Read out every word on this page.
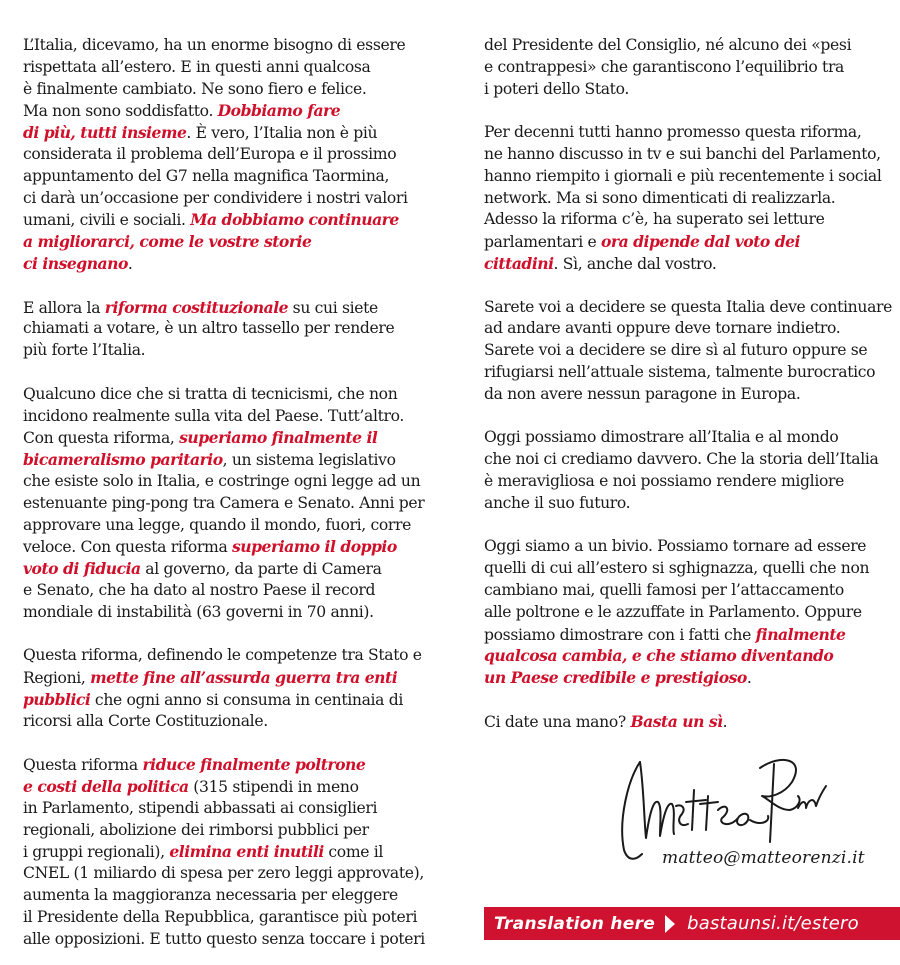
L’Italia, dicevamo, ha un enorme bisogno di essere
rispettata all’estero. E in questi anni qualcosa
è finalmente cambiato. Ne sono fiero e felice.
Ma non sono soddisfatto. Dobbiamo fare
di più, tutti insieme. È vero, l’Italia non è più
considerata il problema dell’Europa e il prossimo
appuntamento del G7 nella magnifica Taormina,
ci darà un’occasione per condividere i nostri valori
umani, civili e sociali. Ma dobbiamo continuare
a migliorarci, come le vostre storie
ci insegnano.
E allora la riforma costituzionale su cui siete
chiamati a votare, è un altro tassello per rendere
più forte l’Italia.
Qualcuno dice che si tratta di tecnicismi, che non
incidono realmente sulla vita del Paese. Tutt’altro.
Con questa riforma, superiamo finalmente il
bicameralismo paritario, un sistema legislativo
che esiste solo in Italia, e costringe ogni legge ad un
estenuante ping-pong tra Camera e Senato. Anni per
approvare una legge, quando il mondo, fuori, corre
veloce. Con questa riforma superiamo il doppio
voto di fiducia al governo, da parte di Camera
e Senato, che ha dato al nostro Paese il record
mondiale di instabilità (63 governi in 70 anni).
Questa riforma, definendo le competenze tra Stato e
Regioni, mette fine all’assurda guerra tra enti
pubblici che ogni anno si consuma in centinaia di
ricorsi alla Corte Costituzionale.
Questa riforma riduce finalmente poltrone
e costi della politica (315 stipendi in meno
in Parlamento, stipendi abbassati ai consiglieri
regionali, abolizione dei rimborsi pubblici per
i gruppi regionali), elimina enti inutili come il
CNEL (1 miliardo di spesa per zero leggi approvate),
aumenta la maggioranza necessaria per eleggere
il Presidente della Repubblica, garantisce più poteri
alle opposizioni. E tutto questo senza toccare i poteri
del Presidente del Consiglio, né alcuno dei «pesi
e contrappesi» che garantiscono l’equilibrio tra
i poteri dello Stato.
Per decenni tutti hanno promesso questa riforma,
ne hanno discusso in tv e sui banchi del Parlamento,
hanno riempito i giornali e più recentemente i social
network. Ma si sono dimenticati di realizzarla.
Adesso la riforma c’è, ha superato sei letture
parlamentari e ora dipende dal voto dei
cittadini. Sì, anche dal vostro.
Sarete voi a decidere se questa Italia deve continuare
ad andare avanti oppure deve tornare indietro.
Sarete voi a decidere se dire sì al futuro oppure se
rifugiarsi nell’attuale sistema, talmente burocratico
da non avere nessun paragone in Europa.
Oggi possiamo dimostrare all’Italia e al mondo
che noi ci crediamo davvero. Che la storia dell’Italia
è meravigliosa e noi possiamo rendere migliore
anche il suo futuro.
Oggi siamo a un bivio. Possiamo tornare ad essere
quelli di cui all’estero si sghignazza, quelli che non
cambiano mai, quelli famosi per l’attaccamento
alle poltrone e le azzuffate in Parlamento. Oppure
possiamo dimostrare con i fatti che finalmente
qualcosa cambia, e che stiamo diventando
un Paese credibile e prestigioso.
Ci date una mano? Basta un sì.
matteo@matteorenzi.it
Translation here bastaunsi.it/estero
